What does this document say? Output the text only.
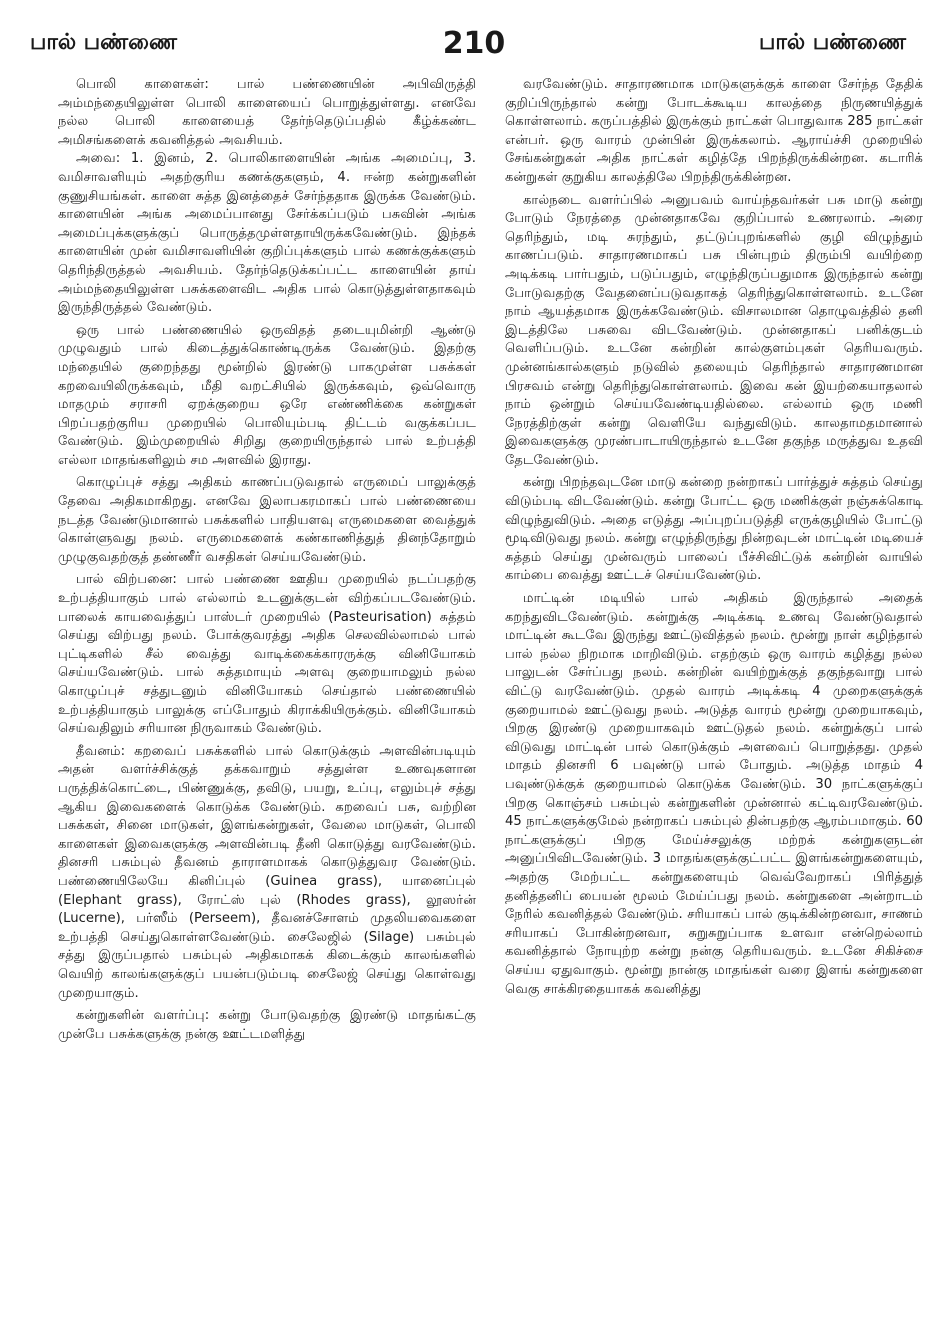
பால் பண்ணை	210	பால் பண்ணை

பொலி காளைகள்: பால் பண்ணையின் அபிவிருத்தி அம்மந்தையிலுள்ள பொலி காளையைப் பொறுத்துள்ளது. எனவே நல்ல பொலி காளையைத் தேர்ந்தெடுப்பதில் கீழ்க்கண்ட அமிசங்களைக் கவனித்தல் அவசியம்.

அவை: 1. இனம், 2. பொலிகாளையின் அங்க அமைப்பு, 3. வமிசாவளியும் அதற்குரிய கணக்குகளும், 4. ஈன்ற கன்றுகளின் குணுசியங்கள். காளை சுத்த இனத்தைச் சேர்ந்ததாக இருக்க வேண்டும். காளையின் அங்க அமைப்பானது சேர்க்கப்படும் பசுவின் அங்க அமைப்புக்களுக்குப் பொருத்தமுள்ளதாயிருக்கவேண்டும். இந்தக் காளையின் முன் வமிசாவளியின் குறிப்புக்களும் பால் கணக்குக்களும் தெரிந்திருத்தல் அவசியம். தேர்ந்தெடுக்கப்பட்ட காளையின் தாய் அம்மந்தையிலுள்ள பசுக்களைவிட அதிக பால் கொடுத்துள்ளதாகவும் இருந்திருத்தல் வேண்டும்.

ஒரு பால் பண்ணையில் ஒருவிதத் தடையுமின்றி ஆண்டு முழுவதும் பால் கிடைத்துக்கொண்டிருக்க வேண்டும். இதற்கு மந்தையில் குறைந்தது மூன்றில் இரண்டு பாகமுள்ள பசுக்கள் கறவையிலிருக்கவும், மீதி வறட்சியில் இருக்கவும், ஒவ்வொரு மாதமும் சராசரி ஏறக்குறைய ஒரே எண்ணிக்கை கன்றுகள் பிறப்பதற்குரிய முறையில் பொலியும்படி திட்டம் வகுக்கப்பட வேண்டும். இம்முறையில் சிறிது குறையிருந்தால் பால் உற்பத்தி எல்லா மாதங்களிலும் சம அளவில் இராது.

கொழுப்புச் சத்து அதிகம் காணப்படுவதால் எருமைப் பாலுக்குத் தேவை அதிகமாகிறது. எனவே இலாபகரமாகப் பால் பண்ணையை நடத்த வேண்டுமானால் பசுக்களில் பாதியளவு எருமைகளை வைத்துக் கொள்ளுவது நலம். எருமைகளைக் கண்காணித்துத் தினந்தோறும் முழுகுவதற்குத் தண்ணீர் வசதிகள் செய்யவேண்டும்.

பால் விற்பனை: பால் பண்ணை ஊதிய முறையில் நடப்பதற்கு உற்பத்தியாகும் பால் எல்லாம் உடனுக்குடன் விற்கப்படவேண்டும். பாலைக் காயவைத்துப் பாஸ்டர் முறையில் (Pasteurisation) சுத்தம் செய்து விற்பது நலம். போக்குவரத்து அதிக செலவில்லாமல் பால் புட்டிகளில் சீல் வைத்து வாடிக்கைக்காரருக்கு வினியோகம் செய்யவேண்டும். பால் சுத்தமாயும் அளவு குறையாமலும் நல்ல கொழுப்புச் சத்துடனும் வினியோகம் செய்தால் பண்ணையில் உற்பத்தியாகும் பாலுக்கு எப்போதும் கிராக்கியிருக்கும். வினியோகம் செய்வதிலும் சரியான நிருவாகம் வேண்டும்.

தீவனம்: கறவைப் பசுக்களில் பால் கொடுக்கும் அளவின்படியும் அதன் வளர்ச்சிக்குத் தக்கவாறும் சத்துள்ள உணவுகளான பருத்திக்கொட்டை, பிண்ணுக்கு, தவிடு, பயறு, உப்பு, எலும்புச் சத்து ஆகிய இவைகளைக் கொடுக்க வேண்டும். கறவைப் பசு, வற்றின பசுக்கள், சினை மாடுகள், இளங்கன்றுகள், வேலை மாடுகள், பொலி காளைகள் இவைகளுக்கு அளவின்படி தீனி கொடுத்து வரவேண்டும். தினசரி பசும்புல் தீவனம் தாராளமாகக் கொடுத்துவர வேண்டும். பண்ணையிலேயே கினிப்புல் (Guinea grass), யானைப்புல் (Elephant grass), ரோட்ஸ் புல் (Rhodes grass), லூஸர்ன் (Lucerne), பர்ஸீம் (Perseem), தீவனச்சோளம் முதலியவைகளை உற்பத்தி செய்துகொள்ளவேண்டும். சைலேஜில் (Silage) பசும்புல் சத்து இருப்பதால் பசும்புல் அதிகமாகக் கிடைக்கும் காலங்களில் வெயிற் காலங்களுக்குப் பயன்படும்படி சைலேஜ் செய்து கொள்வது முறையாகும்.

கன்றுகளின் வளர்ப்பு: கன்று போடுவதற்கு இரண்டு மாதங்கட்கு முன்பே பசுக்களுக்கு நன்கு ஊட்டமளித்து

வரவேண்டும். சாதாரணமாக மாடுகளுக்குக் காளை சேர்ந்த தேதிக் குறிப்பிருந்தால் கன்று போடக்கூடிய காலத்தை நிருணயித்துக் கொள்ளலாம். கருப்பத்தில் இருக்கும் நாட்கள் பொதுவாக 285 நாட்கள் என்பர். ஒரு வாரம் முன்பின் இருக்கலாம். ஆராய்ச்சி முறையில் சேங்கன்றுகள் அதிக நாட்கள் கழித்தே பிறந்திருக்கின்றன. கடாரிக் கன்றுகள் குறுகிய காலத்திலே பிறந்திருக்கின்றன.

கால்நடை வளர்ப்பில் அனுபவம் வாய்ந்தவர்கள் பசு மாடு கன்று போடும் நேரத்தை முன்னதாகவே குறிப்பால் உணரலாம். அரை தெரிந்தும், மடி சுரந்தும், தட்டுப்புறங்களில் குழி விழுந்தும் காணப்படும். சாதாரணமாகப் பசு பின்புறம் திரும்பி வயிற்றை அடிக்கடி பார்பதும், படுப்பதும், எழுந்திருப்பதுமாக இருந்தால் கன்று போடுவதற்கு வேதனைப்படுவதாகத் தெரிந்துகொள்ளலாம். உடனே நாம் ஆயத்தமாக இருக்கவேண்டும். விசாலமான தொழுவத்தில் தனி இடத்திலே பசுவை விடவேண்டும். முன்னதாகப் பனிக்குடம் வெளிப்படும். உடனே கன்றின் கால்குளம்புகள் தெரியவரும். முன்னங்கால்களும் நடுவில் தலையும் தெரிந்தால் சாதாரணமான பிரசவம் என்று தெரிந்துகொள்ளலாம். இவை கன் இயற்கையாதலால் நாம் ஒன்றும் செய்யவேண்டியதில்லை. எல்லாம் ஒரு மணி நேரத்திற்குள் கன்று வெளியே வந்துவிடும். காலதாமதமானால் இவைகளுக்கு முரண்பாடாயிருந்தால் உடனே தகுந்த மருத்துவ உதவி தேடவேண்டும்.

கன்று பிறந்தவுடனே மாடு கன்றை நன்றாகப் பார்த்துச் சுத்தம் செய்து விடும்படி விடவேண்டும். கன்று போட்ட ஒரு மணிக்குள் நஞ்சுக்கொடி விழுந்துவிடும். அதை எடுத்து அப்புறப்படுத்தி எருக்குழியில் போட்டு மூடிவிடுவது நலம். கன்று எழுந்திருந்து நின்றவுடன் மாட்டின் மடியைச் சுத்தம் செய்து முன்வரும் பாலைப் பீச்சிவிட்டுக் கன்றின் வாயில் காம்பை வைத்து ஊட்டச் செய்யவேண்டும்.

மாட்டின் மடியில் பால் அதிகம் இருந்தால் அதைக் கறந்துவிடவேண்டும். கன்றுக்கு அடிக்கடி உணவு வேண்டுவதால் மாட்டின் கூடவே இருந்து ஊட்டுவித்தல் நலம். மூன்று நாள் கழிந்தால் பால் நல்ல நிறமாக மாறிவிடும். எதற்கும் ஒரு வாரம் கழித்து நல்ல பாலுடன் சேர்ப்பது நலம். கன்றின் வயிற்றுக்குத் தகுந்தவாறு பால் விட்டு வரவேண்டும். முதல் வாரம் அடிக்கடி 4 முறைகளுக்குக் குறையாமல் ஊட்டுவது நலம். அடுத்த வாரம் மூன்று முறையாகவும், பிறகு இரண்டு முறையாகவும் ஊட்டுதல் நலம். கன்றுக்குப் பால் விடுவது மாட்டின் பால் கொடுக்கும் அளவைப் பொறுத்தது. முதல் மாதம் தினசரி 6 பவுண்டு பால் போதும். அடுத்த மாதம் 4 பவுண்டுக்குக் குறையாமல் கொடுக்க வேண்டும். 30 நாட்களுக்குப் பிறகு கொஞ்சம் பசும்புல் கன்றுகளின் முன்னால் கட்டிவரவேண்டும். 45 நாட்களுக்குமேல் நன்றாகப் பசும்புல் தின்பதற்கு ஆரம்பமாகும். 60 நாட்களுக்குப் பிறகு மேய்ச்சலுக்கு மற்றக் கன்றுகளுடன் அனுப்பிவிடவேண்டும். 3 மாதங்களுக்குட்பட்ட இளங்கன்றுகளையும், அதற்கு மேற்பட்ட கன்றுகளையும் வெவ்வேறாகப் பிரித்துத் தனித்தனிப் பையன் மூலம் மேய்ப்பது நலம். கன்றுகளை அன்றாடம் நேரில் கவனித்தல் வேண்டும். சரியாகப் பால் குடிக்கின்றனவா, சாணம் சரியாகப் போகின்றனவா, சுறுசுறுப்பாக உளவா என்றெல்லாம் கவனித்தால் நோயுற்ற கன்று நன்கு தெரியவரும். உடனே சிகிச்சை செய்ய ஏதுவாகும். மூன்று நான்கு மாதங்கள் வரை இளங் கன்றுகளை வெகு சாக்கிரதையாகக் கவனித்து
